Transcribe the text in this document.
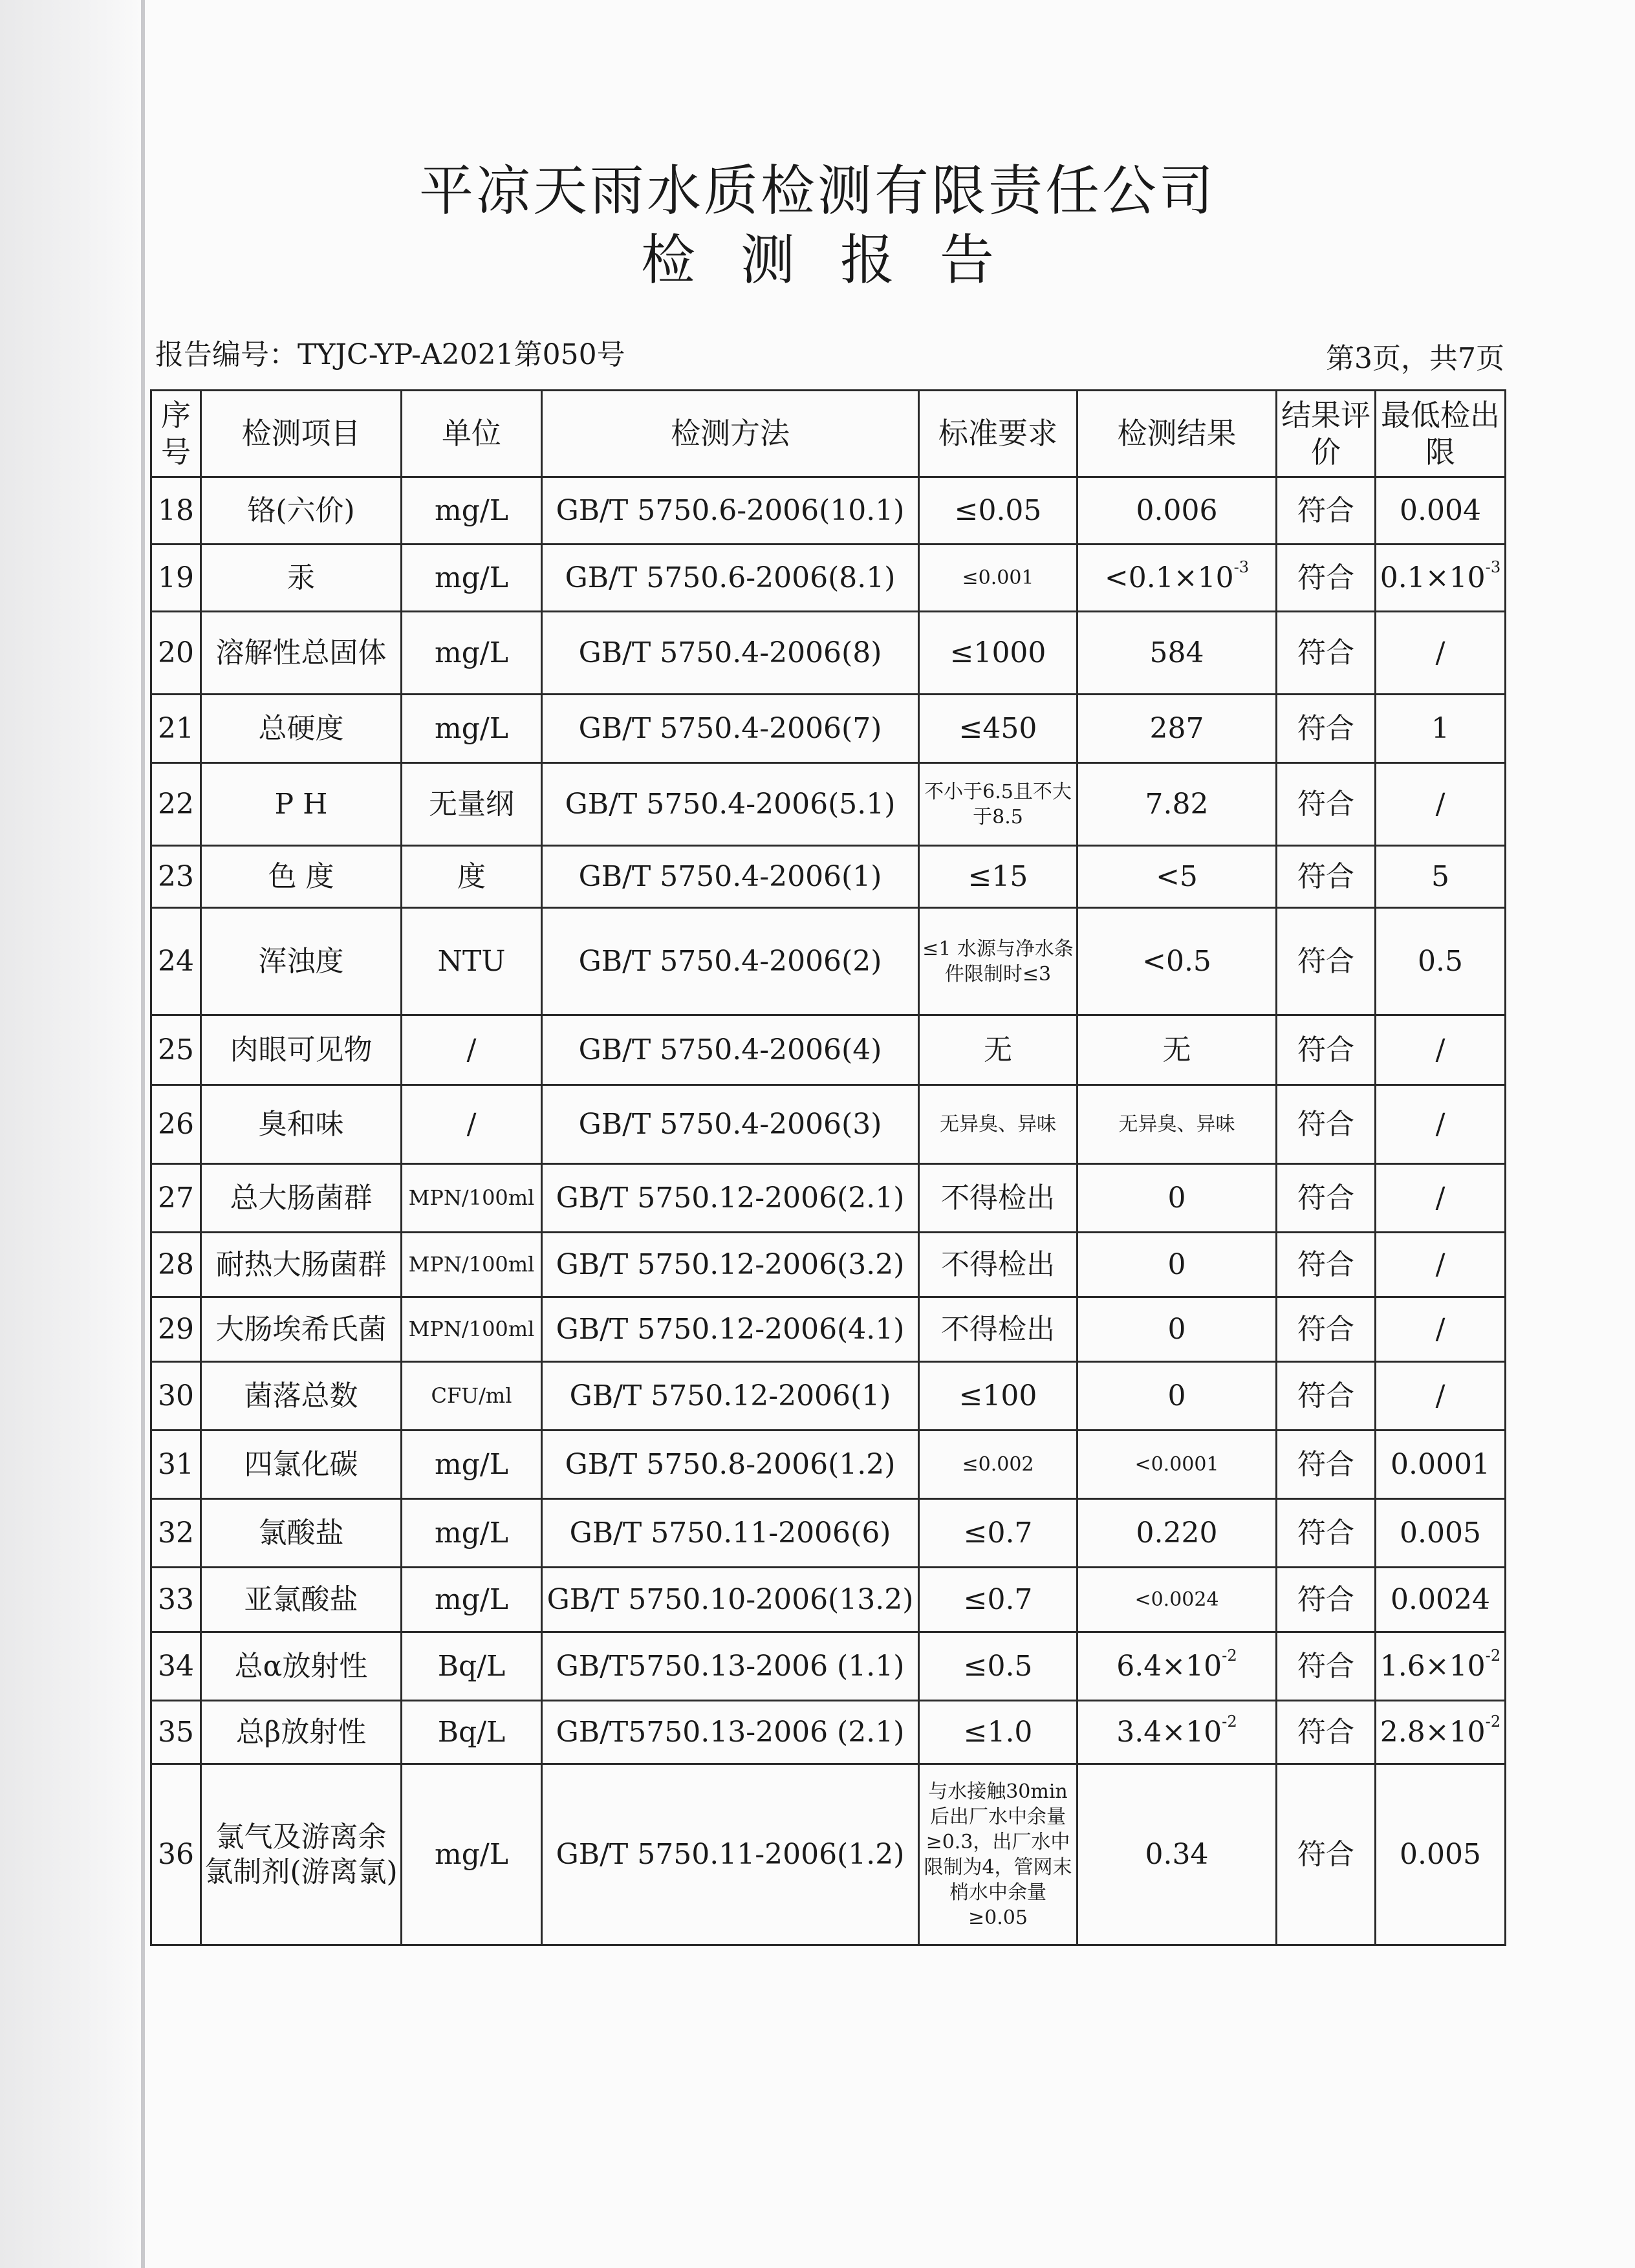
平凉天雨水质检测有限责任公司
检测报告
报告编号：TYJC-YP-A2021第050号	第3页，共7页
序号	检测项目	单位	检测方法	标准要求	检测结果	结果评价	最低检出限
18	铬(六价)	mg/L	GB/T 5750.6-2006(10.1)	≤0.05	0.006	符合	0.004
19	汞	mg/L	GB/T 5750.6-2006(8.1)	≤0.001	$<0.1\times 10^{-3}$	符合	$0.1\times 10^{-3}$
20	溶解性总固体	mg/L	GB/T 5750.4-2006(8)	≤1000	584	符合	/
21	总硬度	mg/L	GB/T 5750.4-2006(7)	≤450	287	符合	1
22	P H	无量纲	GB/T 5750.4-2006(5.1)	不小于6.5且不大于8.5	7.82	符合	/
23	色 度	度	GB/T 5750.4-2006(1)	≤15	<5	符合	5
24	浑浊度	NTU	GB/T 5750.4-2006(2)	≤1 水源与净水条件限制时≤3	<0.5	符合	0.5
25	肉眼可见物	/	GB/T 5750.4-2006(4)	无	无	符合	/
26	臭和味	/	GB/T 5750.4-2006(3)	无异臭、异味	无异臭、异味	符合	/
27	总大肠菌群	MPN/100ml	GB/T 5750.12-2006(2.1)	不得检出	0	符合	/
28	耐热大肠菌群	MPN/100ml	GB/T 5750.12-2006(3.2)	不得检出	0	符合	/
29	大肠埃希氏菌	MPN/100ml	GB/T 5750.12-2006(4.1)	不得检出	0	符合	/
30	菌落总数	CFU/ml	GB/T 5750.12-2006(1)	≤100	0	符合	/
31	四氯化碳	mg/L	GB/T 5750.8-2006(1.2)	≤0.002	<0.0001	符合	0.0001
32	氯酸盐	mg/L	GB/T 5750.11-2006(6)	≤0.7	0.220	符合	0.005
33	亚氯酸盐	mg/L	GB/T 5750.10-2006(13.2)	≤0.7	<0.0024	符合	0.0024
34	总α放射性	Bq/L	GB/T5750.13-2006 (1.1)	≤0.5	$6.4\times 10^{-2}$	符合	$1.6\times 10^{-2}$
35	总β放射性	Bq/L	GB/T5750.13-2006 (2.1)	≤1.0	$3.4\times 10^{-2}$	符合	$2.8\times 10^{-2}$
36	氯气及游离余氯制剂(游离氯)	mg/L	GB/T 5750.11-2006(1.2)	与水接触30min后出厂水中余量≥0.3，出厂水中限制为4，管网末梢水中余量≥0.05	0.34	符合	0.005
